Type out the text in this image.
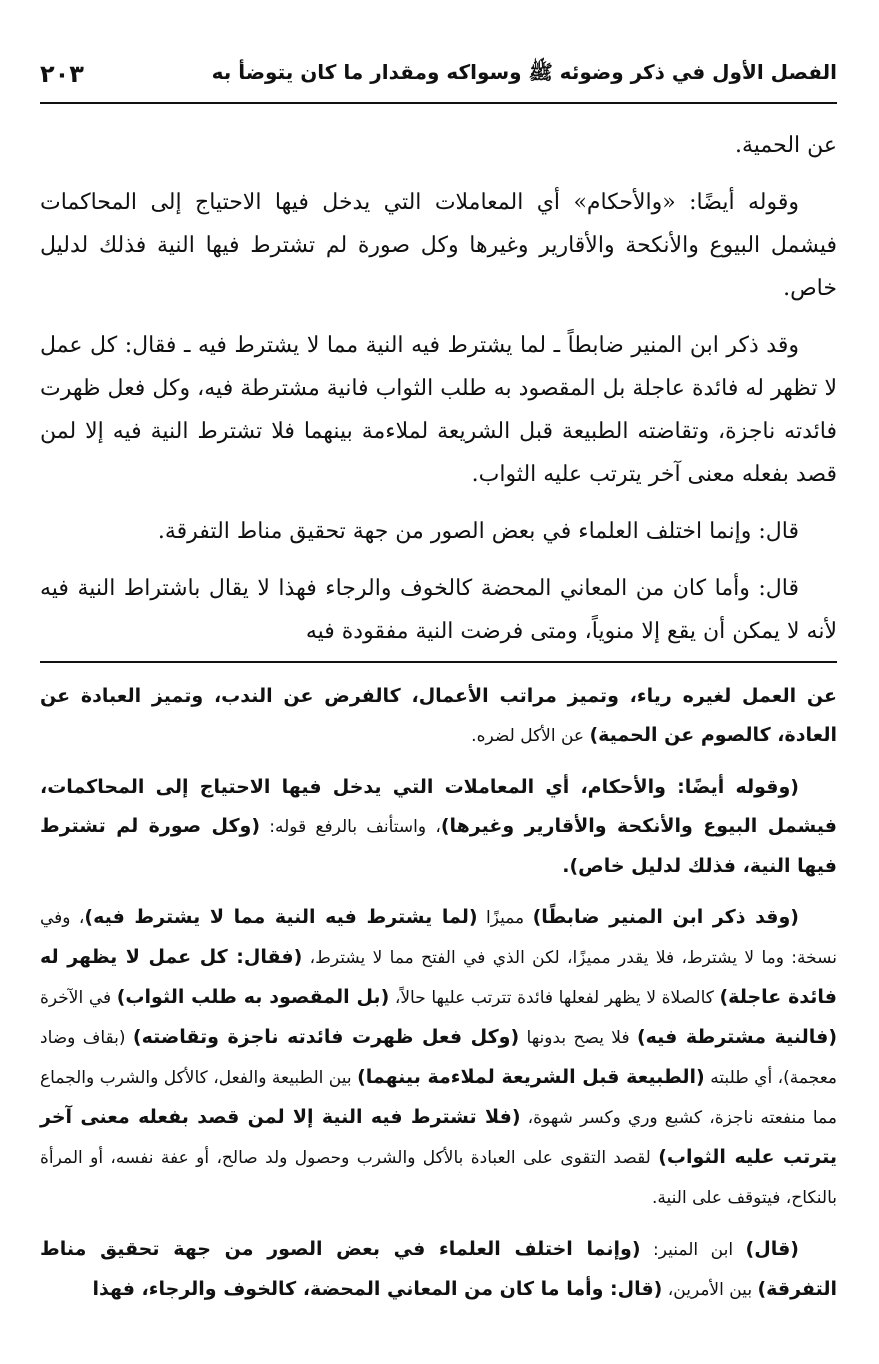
الفصل الأول في ذكر وضوئه ﷺ وسواكه ومقدار ما كان يتوضأ به
٢٠٣

عن الحمية.

وقوله أيضًا: «والأحكام» أي المعاملات التي يدخل فيها الاحتياج إلى المحاكمات فيشمل البيوع والأنكحة والأقارير وغيرها وكل صورة لم تشترط فيها النية فذلك لدليل خاص.

وقد ذكر ابن المنير ضابطاً ـ لما يشترط فيه النية مما لا يشترط فيه ـ فقال: كل عمل لا تظهر له فائدة عاجلة بل المقصود به طلب الثواب فانية مشترطة فيه، وكل فعل ظهرت فائدته ناجزة، وتقاضته الطبيعة قبل الشريعة لملاءمة بينهما فلا تشترط النية فيه إلا لمن قصد بفعله معنى آخر يترتب عليه الثواب.

قال: وإنما اختلف العلماء في بعض الصور من جهة تحقيق مناط التفرقة.

قال: وأما كان من المعاني المحضة كالخوف والرجاء فهذا لا يقال باشتراط النية فيه لأنه لا يمكن أن يقع إلا منوياً، ومتى فرضت النية مفقودة فيه

عن العمل لغيره رياء، وتميز مراتب الأعمال، كالفرض عن الندب، وتميز العبادة عن العادة، كالصوم عن الحمية) عن الأكل لضره.

(وقوله أيضًا: والأحكام، أي المعاملات التي يدخل فيها الاحتياج إلى المحاكمات، فيشمل البيوع والأنكحة والأقارير وغيرها)، واستأنف بالرفع قوله: (وكل صورة لم تشترط فيها النية، فذلك لدليل خاص).

(وقد ذكر ابن المنير ضابطًا) مميزًا (لما يشترط فيه النية مما لا يشترط فيه)، وفي نسخة: وما لا يشترط، فلا يقدر مميزًا، لكن الذي في الفتح مما لا يشترط، (فقال: كل عمل لا يظهر له فائدة عاجلة) كالصلاة لا يظهر لفعلها فائدة تترتب عليها حالاً، (بل المقصود به طلب الثواب) في الآخرة (فالنية مشترطة فيه) فلا يصح بدونها (وكل فعل ظهرت فائدته ناجزة وتقاضته) (بقاف وضاد معجمة)، أي طلبته (الطبيعة قبل الشريعة لملاءمة بينهما) بين الطبيعة والفعل، كالأكل والشرب والجماع مما منفعته ناجزة، كشبع وري وكسر شهوة، (فلا تشترط فيه النية إلا لمن قصد بفعله معنى آخر يترتب عليه الثواب) لقصد التقوى على العبادة بالأكل والشرب وحصول ولد صالح، أو عفة نفسه، أو المرأة بالنكاح، فيتوقف على النية.

(قال) ابن المنير: (وإنما اختلف العلماء في بعض الصور من جهة تحقيق مناط التفرقة) بين الأمرين، (قال: وأما ما كان من المعاني المحضة، كالخوف والرجاء، فهذا
